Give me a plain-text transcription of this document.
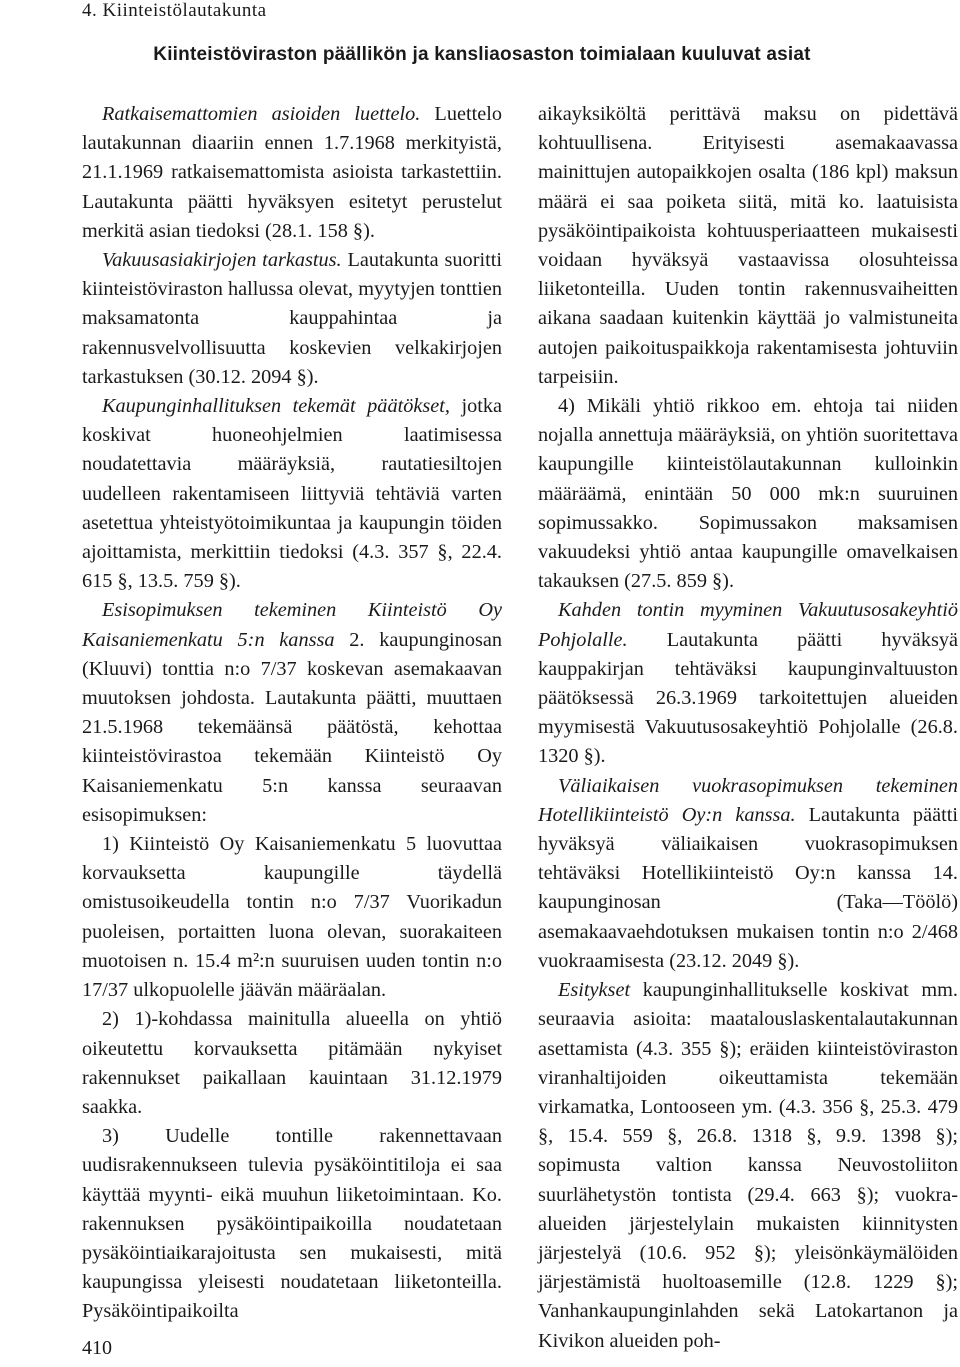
4. Kiinteistölautakunta
Kiinteistöviraston päällikön ja kansliaosaston toimialaan kuuluvat asiat

Ratkaisemattomien asioiden luettelo. Luettelo lautakunnan diaariin ennen 1.7.1968 merkityistä, 21.1.1969 ratkaisemattomista asioista tarkastettiin. Lautakunta päätti hyväksyen esitetyt perustelut merkitä asian tiedoksi (28.1. 158 §).

Vakuusasiakirjojen tarkastus. Lautakunta suoritti kiinteistöviraston hallussa olevat, myytyjen tonttien maksamatonta kauppahintaa ja rakennusvelvollisuutta koskevien velkakirjojen tarkastuksen (30.12. 2094 §).

Kaupunginhallituksen tekemät päätökset, jotka koskivat huoneohjelmien laatimisessa noudatettavia määräyksiä, rautatiesiltojen uudelleen rakentamiseen liittyviä tehtäviä varten asetettua yhteistyötoimikuntaa ja kaupungin töiden ajoittamista, merkittiin tiedoksi (4.3. 357 §, 22.4. 615 §, 13.5. 759 §).

Esisopimuksen tekeminen Kiinteistö Oy Kaisaniemenkatu 5:n kanssa 2. kaupunginosan (Kluuvi) tonttia n:o 7/37 koskevan asemakaavan muutoksen johdosta. Lautakunta päätti, muuttaen 21.5.1968 tekemäänsä päätöstä, kehottaa kiinteistövirastoa tekemään Kiinteistö Oy Kaisaniemenkatu 5:n kanssa seuraavan esisopimuksen:

1) Kiinteistö Oy Kaisaniemenkatu 5 luovuttaa korvauksetta kaupungille täydellä omistusoikeudella tontin n:o 7/37 Vuorikadun puoleisen, portaitten luona olevan, suorakaiteen muotoisen n. 15.4 m²:n suuruisen uuden tontin n:o 17/37 ulkopuolelle jäävän määräalan.

2) 1)-kohdassa mainitulla alueella on yhtiö oikeutettu korvauksetta pitämään nykyiset rakennukset paikallaan kauintaan 31.12.1979 saakka.

3) Uudelle tontille rakennettavaan uudisrakennukseen tulevia pysäköintitiloja ei saa käyttää myynti- eikä muuhun liiketoimintaan. Ko. rakennuksen pysäköintipaikoilla noudatetaan pysäköintiaikarajoitusta sen mukaisesti, mitä kaupungissa yleisesti noudatetaan liiketonteilla. Pysäköintipaikoilta

aikayksiköltä perittävä maksu on pidettävä kohtuullisena. Erityisesti asemakaavassa mainittujen autopaikkojen osalta (186 kpl) maksun määrä ei saa poiketa siitä, mitä ko. laatuisista pysäköintipaikoista kohtuusperiaatteen mukaisesti voidaan hyväksyä vastaavissa olosuhteissa liiketonteilla. Uuden tontin rakennusvaiheitten aikana saadaan kuitenkin käyttää jo valmistuneita autojen paikoituspaikkoja rakentamisesta johtuviin tarpeisiin.

4) Mikäli yhtiö rikkoo em. ehtoja tai niiden nojalla annettuja määräyksiä, on yhtiön suoritettava kaupungille kiinteistölautakunnan kulloinkin määräämä, enintään 50 000 mk:n suuruinen sopimussakko. Sopimussakon maksamisen vakuudeksi yhtiö antaa kaupungille omavelkaisen takauksen (27.5. 859 §).

Kahden tontin myyminen Vakuutusosakeyhtiö Pohjolalle. Lautakunta päätti hyväksyä kauppakirjan tehtäväksi kaupunginvaltuuston päätöksessä 26.3.1969 tarkoitettujen alueiden myymisestä Vakuutusosakeyhtiö Pohjolalle (26.8. 1320 §).

Väliaikaisen vuokrasopimuksen tekeminen Hotellikiinteistö Oy:n kanssa. Lautakunta päätti hyväksyä väliaikaisen vuokrasopimuksen tehtäväksi Hotellikiinteistö Oy:n kanssa 14. kaupunginosan (Taka—Töölö) asemakaavaehdotuksen mukaisen tontin n:o 2/468 vuokraamisesta (23.12. 2049 §).

Esitykset kaupunginhallitukselle koskivat mm. seuraavia asioita: maatalouslaskentalautakunnan asettamista (4.3. 355 §); eräiden kiinteistöviraston viranhaltijoiden oikeuttamista tekemään virkamatka, Lontooseen ym. (4.3. 356 §, 25.3. 479 §, 15.4. 559 §, 26.8. 1318 §, 9.9. 1398 §); sopimusta valtion kanssa Neuvostoliiton suurlähetystön tontista (29.4. 663 §); vuokra-alueiden järjestelylain mukaisten kiinnitysten järjestelyä (10.6. 952 §); yleisönkäymälöiden järjestämistä huoltoasemille (12.8. 1229 §); Vanhankaupunginlahden sekä Latokartanon ja Kivikon alueiden poh-

410
